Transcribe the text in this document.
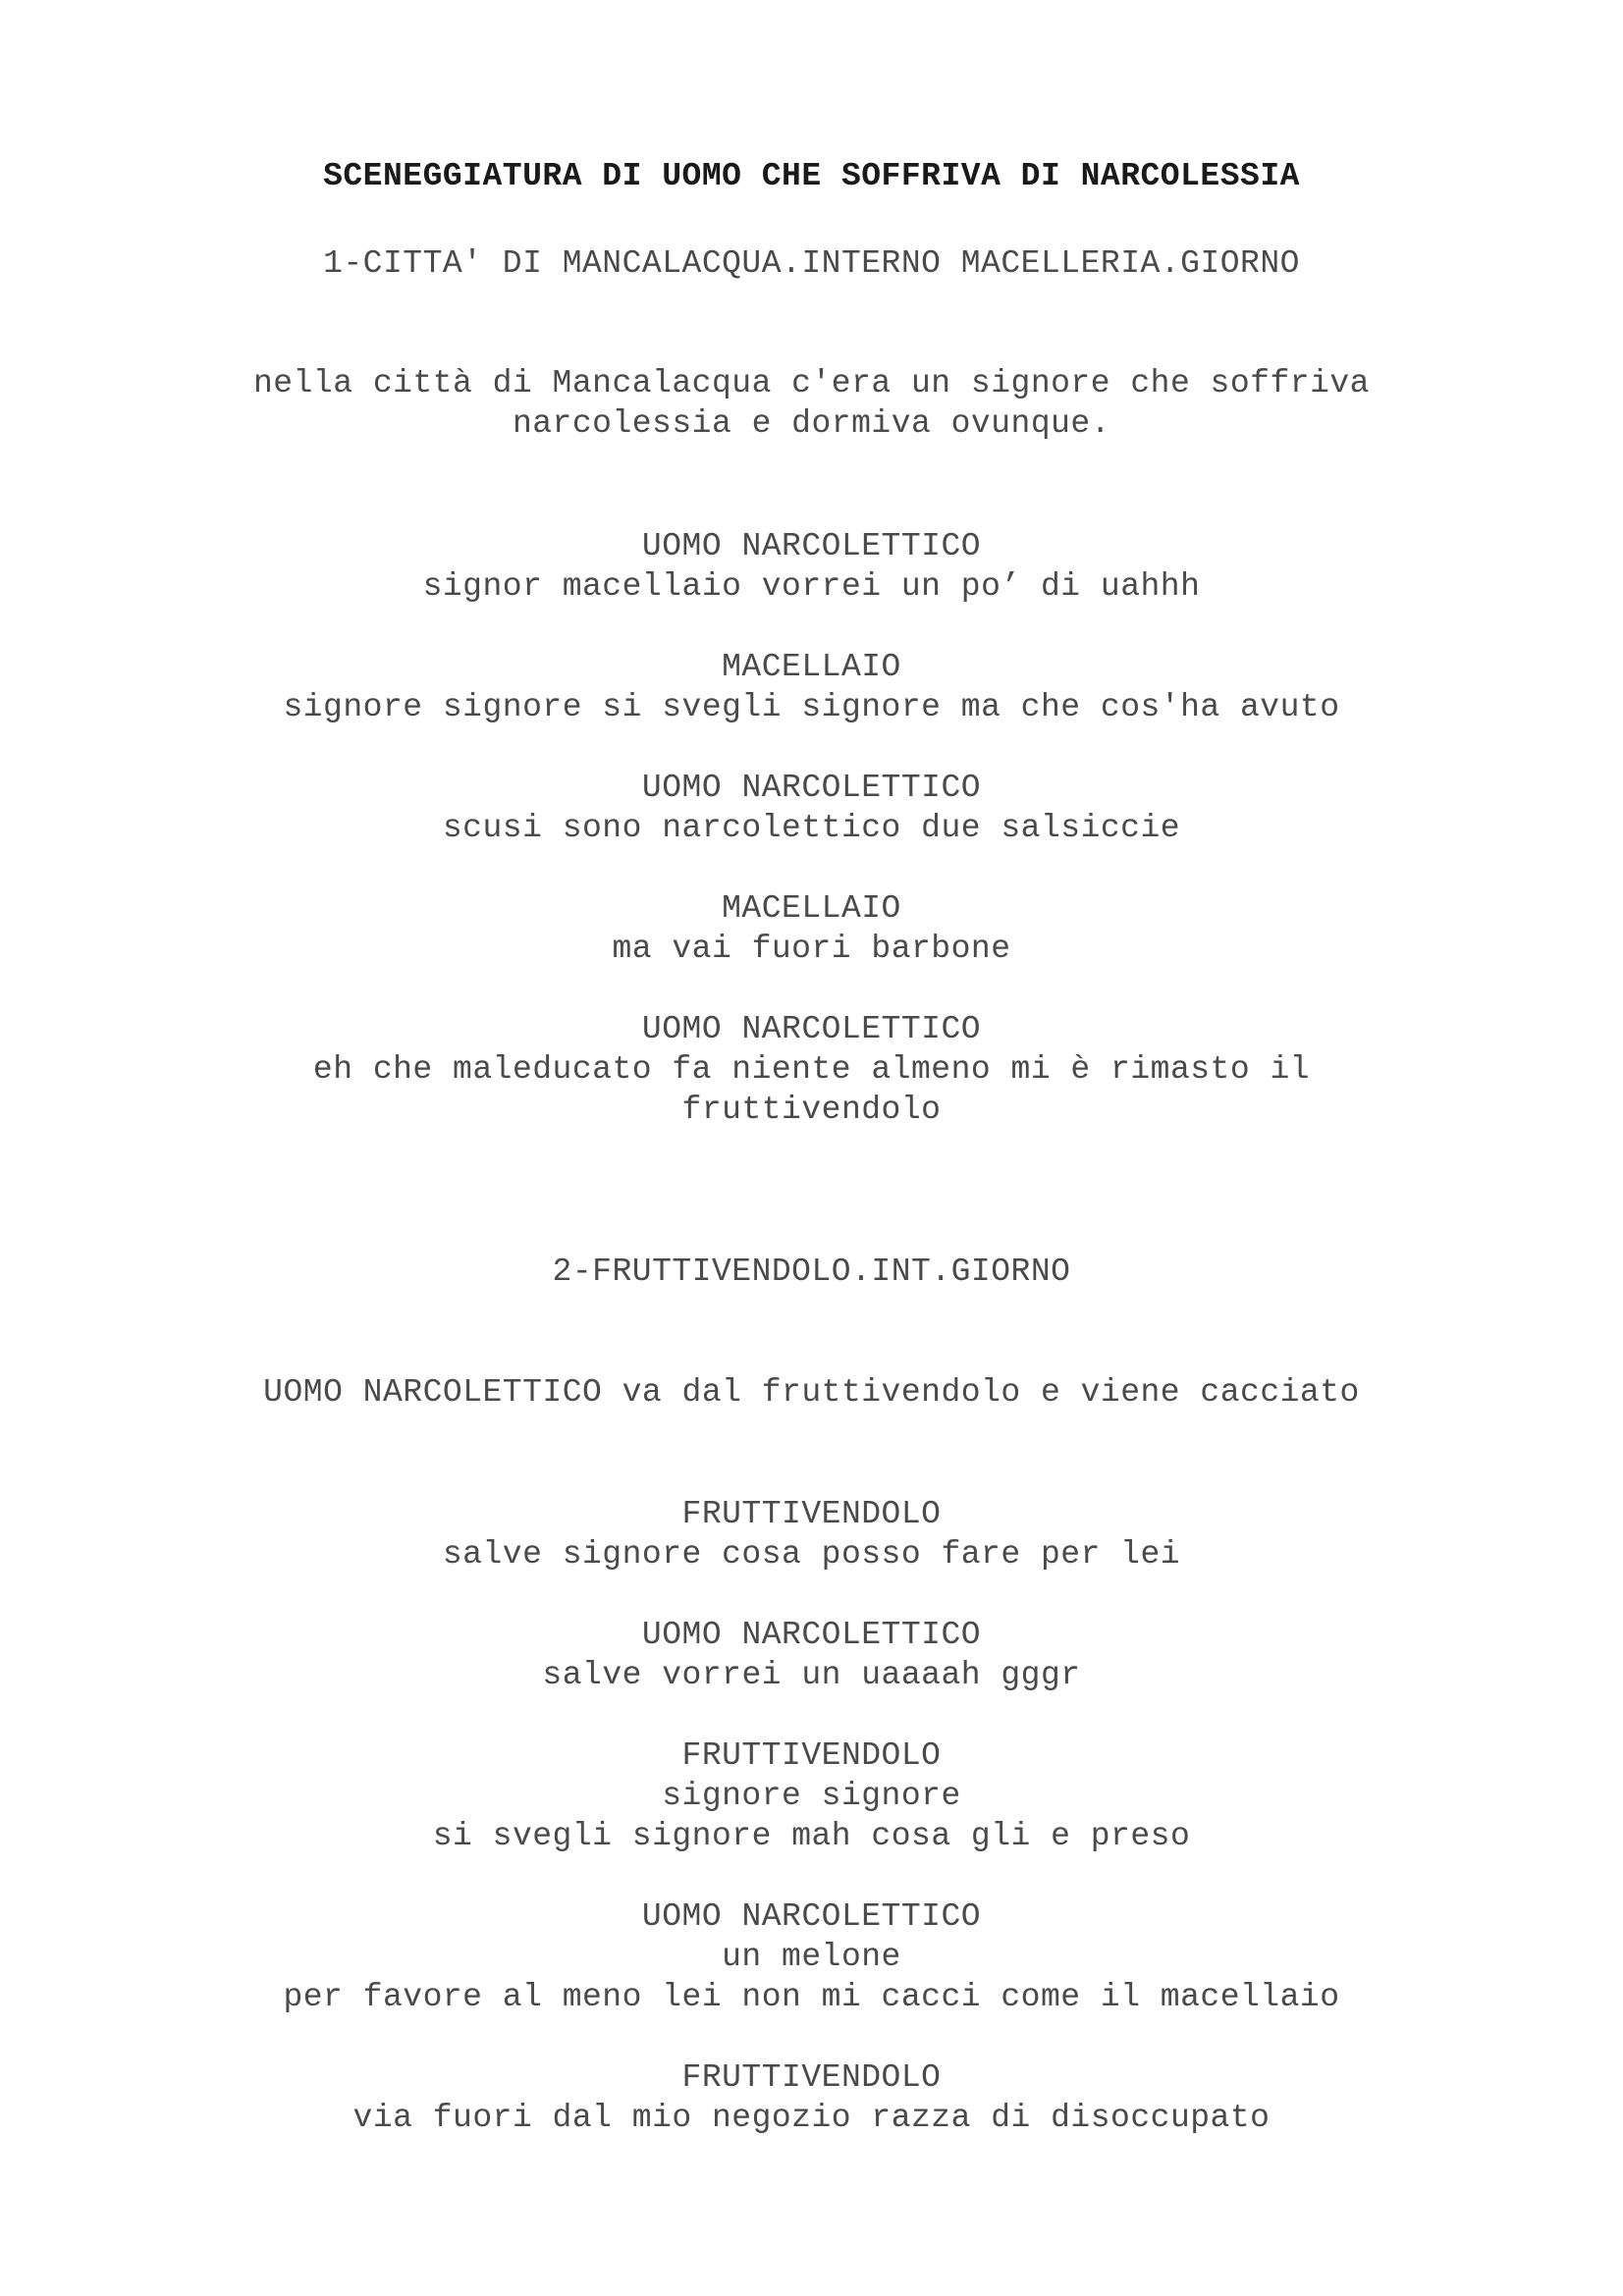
SCENEGGIATURA DI UOMO CHE SOFFRIVA DI NARCOLESSIA
1-CITTA' DI MANCALACQUA.INTERNO MACELLERIA.GIORNO
nella città di Mancalacqua c'era un signore che soffriva
narcolessia e dormiva ovunque.
UOMO NARCOLETTICO
signor macellaio vorrei un po’ di uahhh
MACELLAIO
signore signore si svegli signore ma che cos'ha avuto
UOMO NARCOLETTICO
scusi sono narcolettico due salsiccie
MACELLAIO
ma vai fuori barbone
UOMO NARCOLETTICO
eh che maleducato fa niente almeno mi è rimasto il
fruttivendolo
2-FRUTTIVENDOLO.INT.GIORNO
UOMO NARCOLETTICO va dal fruttivendolo e viene cacciato
FRUTTIVENDOLO
salve signore cosa posso fare per lei
UOMO NARCOLETTICO
salve vorrei un uaaaah gggr
FRUTTIVENDOLO
signore signore
si svegli signore mah cosa gli e preso
UOMO NARCOLETTICO
un melone
per favore al meno lei non mi cacci come il macellaio
FRUTTIVENDOLO
via fuori dal mio negozio razza di disoccupato
